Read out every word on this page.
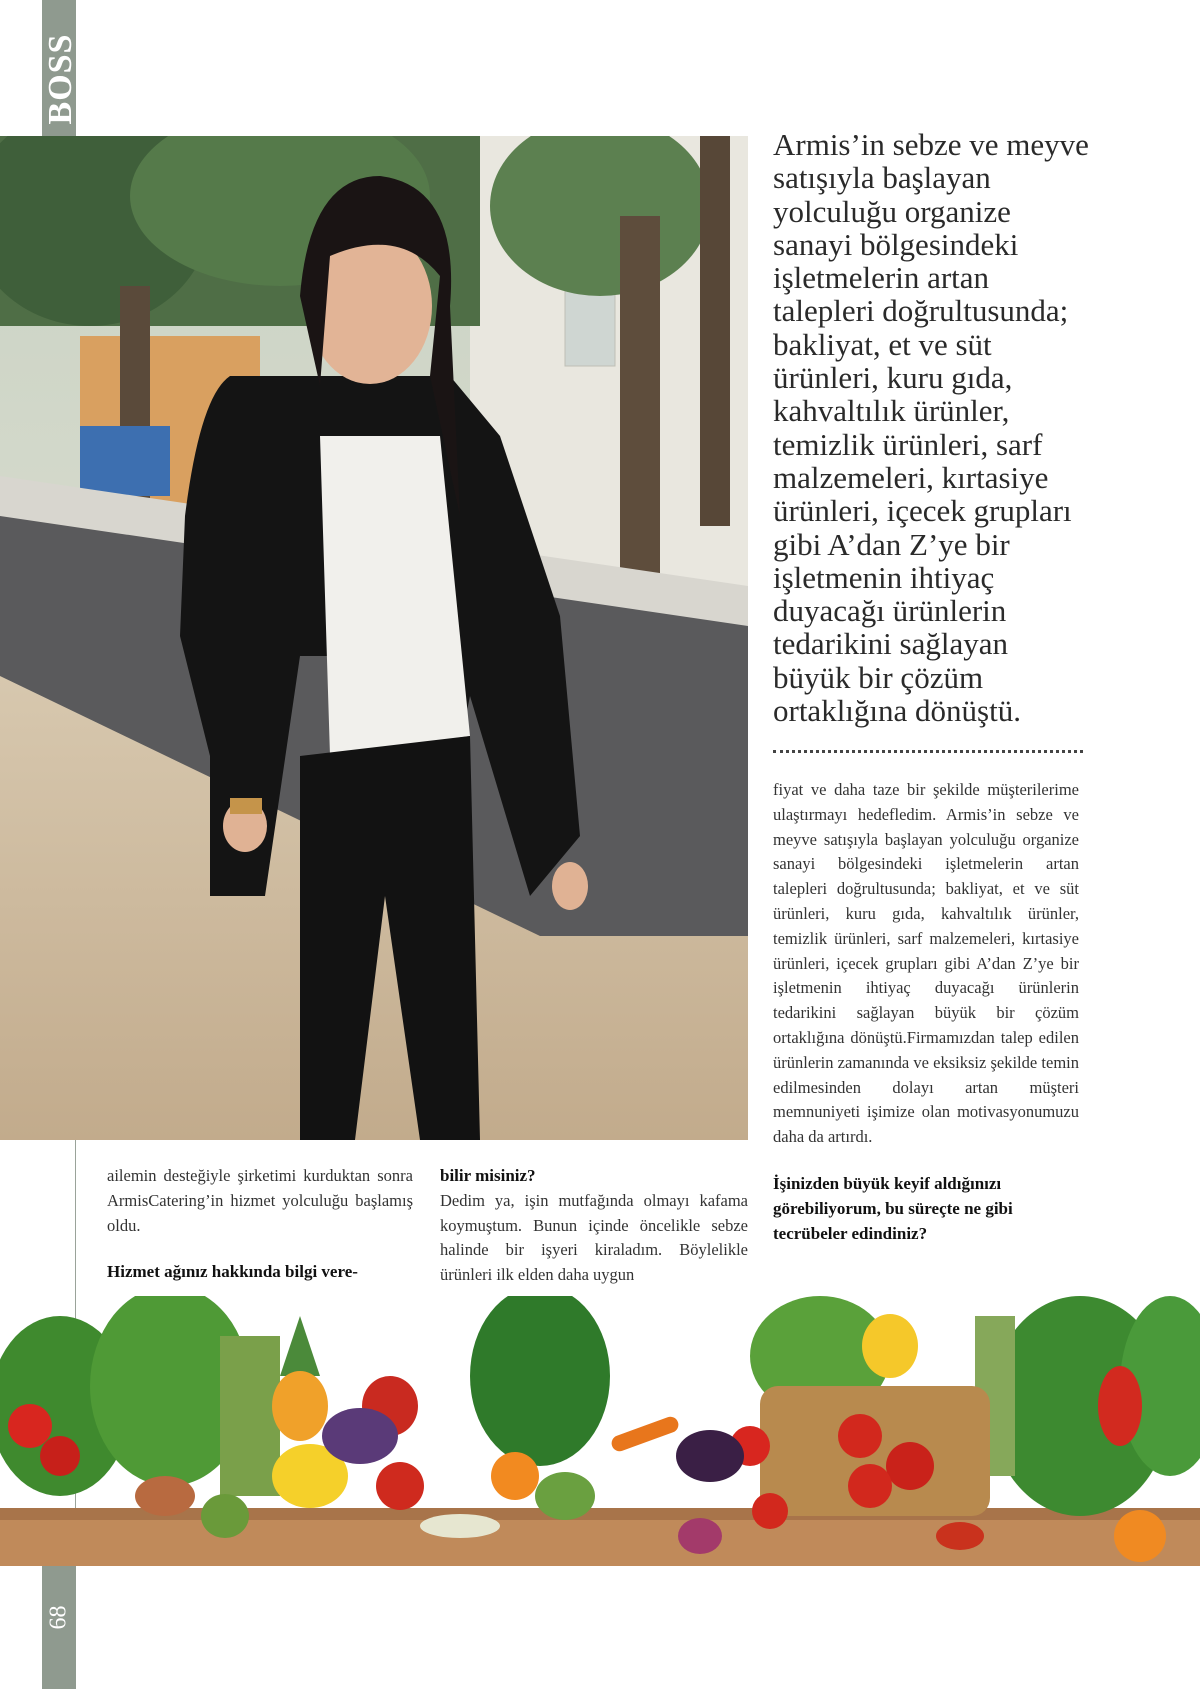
BOSS
68
Armis’in sebze ve meyve satışıyla başlayan yolculuğu organize sanayi bölgesindeki işletmelerin artan talepleri doğrultusunda; bakliyat, et ve süt ürünleri, kuru gıda, kahvaltılık ürünler, temizlik ürünleri, sarf malzemeleri, kırtasiye ürünleri, içecek grupları gibi A’dan Z’ye bir işletmenin ihtiyaç duyacağı ürünlerin tedarikini sağlayan büyük bir çözüm ortaklığına dönüştü.
ailemin desteğiyle şirketimi kurduktan sonra ArmisCatering’in hizmet yolculuğu başlamış oldu.
Hizmet ağınız hakkında bilgi vere-
bilir misiniz?
Dedim ya, işin mutfağında olmayı kafama koymuştum. Bunun içinde öncelikle sebze halinde bir işyeri kiraladım. Böylelikle ürünleri ilk elden daha uygun
fiyat ve daha taze bir şekilde müşterilerime ulaştırmayı hedefledim. Armis’in sebze ve meyve satışıyla başlayan yolculuğu organize sanayi bölgesindeki işletmelerin artan talepleri doğrultusunda; bakliyat, et ve süt ürünleri, kuru gıda, kahvaltılık ürünler, temizlik ürünleri, sarf malzemeleri, kırtasiye ürünleri, içecek grupları gibi A’dan Z’ye bir işletmenin ihtiyaç duyacağı ürünlerin tedarikini sağlayan büyük bir çözüm ortaklığına dönüştü.Firmamızdan talep edilen ürünlerin zamanında ve eksiksiz şekilde temin edilmesinden dolayı artan müşteri memnuniyeti işimize olan motivasyonumuzu daha da artırdı.
İşinizden büyük keyif aldığınızı görebiliyorum, bu süreçte ne gibi tecrübeler edindiniz?
